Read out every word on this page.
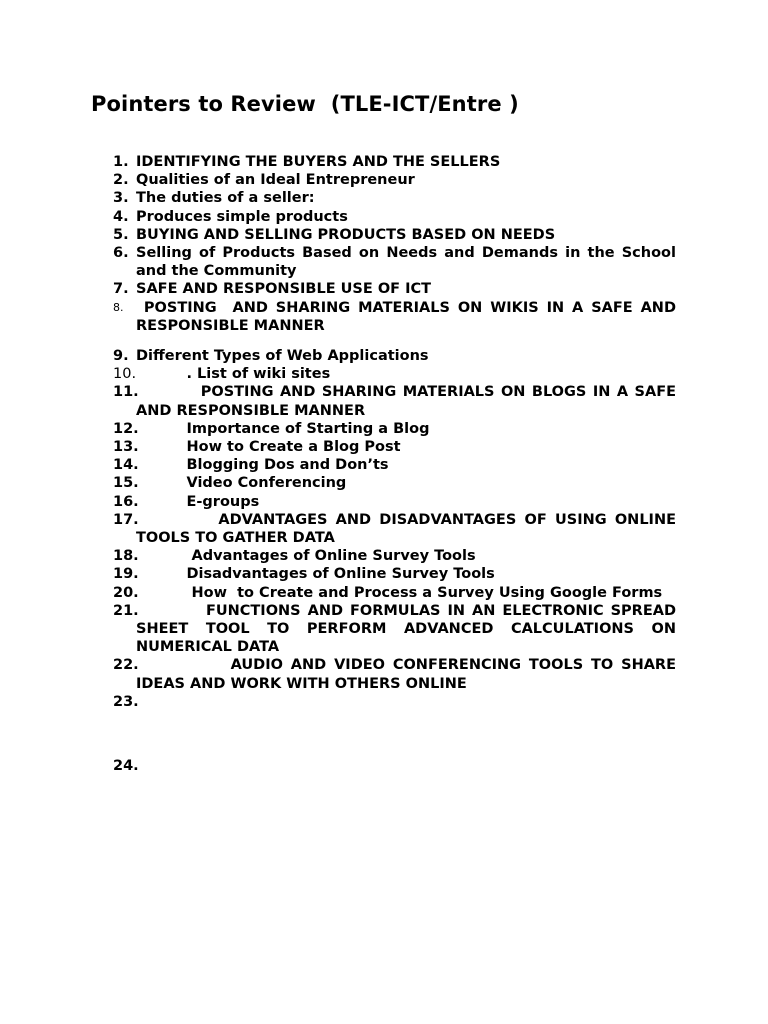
Pointers to Review  (TLE-ICT/Entre )
1. IDENTIFYING THE BUYERS AND THE SELLERS
2. Qualities of an Ideal Entrepreneur
3. The duties of a seller:
4. Produces simple products
5. BUYING AND SELLING PRODUCTS BASED ON NEEDS
6. Selling of Products Based on Needs and Demands in the School and the Community
7. SAFE AND RESPONSIBLE USE OF ICT
8. POSTING  AND SHARING MATERIALS ON WIKIS IN A SAFE AND RESPONSIBLE MANNER
9. Different Types of Web Applications
10. . List of wiki sites
11.
POSTING AND SHARING MATERIALS ON BLOGS IN A SAFE AND RESPONSIBLE MANNER
12.
Importance of Starting a Blog
13.
How to Create a Blog Post
14.
Blogging Dos and Don’ts
15.
Video Conferencing
16.
E-groups
17.
ADVANTAGES AND DISADVANTAGES OF USING ONLINE TOOLS TO GATHER DATA
18.
Advantages of Online Survey Tools
19.
Disadvantages of Online Survey Tools
20.
How  to Create and Process a Survey Using Google Forms
21.
FUNCTIONS AND FORMULAS IN AN ELECTRONIC SPREAD SHEET TOOL TO PERFORM ADVANCED CALCULATIONS ON NUMERICAL DATA
22.
AUDIO AND VIDEO CONFERENCING TOOLS TO SHARE IDEAS AND WORK WITH OTHERS ONLINE
23.
24.
